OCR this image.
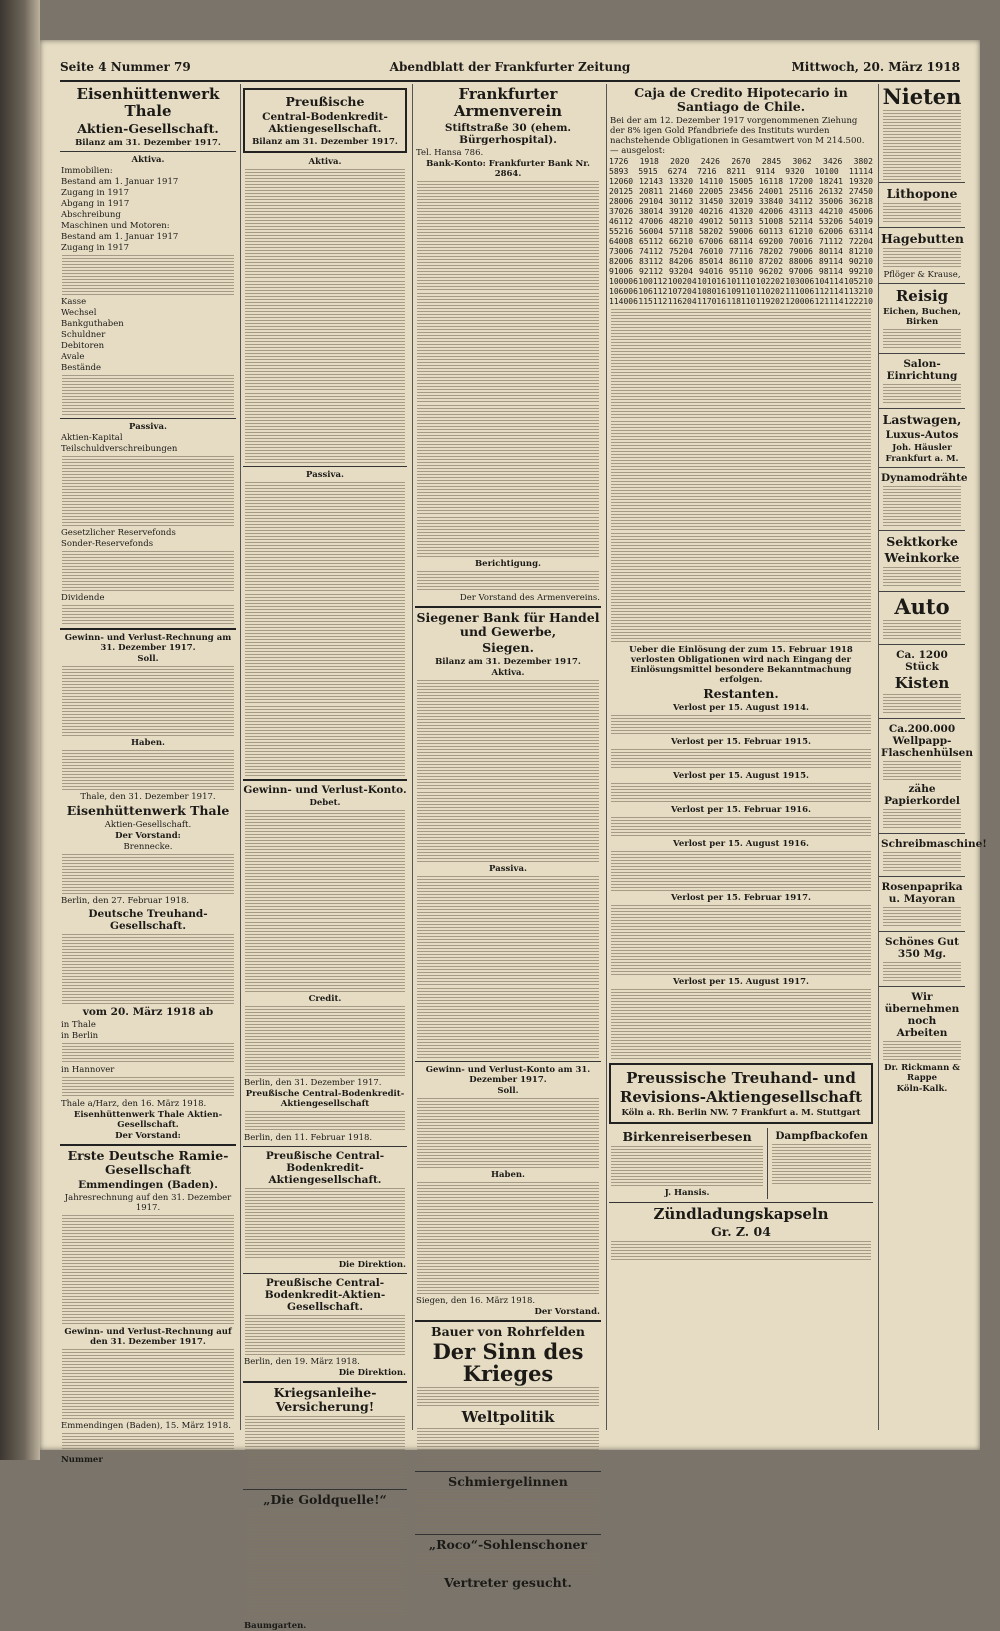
Seite 4 Nummer 79	Abendblatt der Frankfurter Zeitung	Mittwoch, 20. März 1918
Eisenhüttenwerk Thale
Aktien-Gesellschaft.
Bilanz am 31. Dezember 1917.
Aktiva.
Immobilien:
Bestand am 1. Januar 1917
Zugang in 1917
Abgang in 1917
Abschreibung
Maschinen und Motoren:
Bestand am 1. Januar 1917
Zugang in 1917
Kasse
Wechsel
Bankguthaben
Schuldner
Debitoren
Avale
Bestände
Passiva.
Aktien-Kapital
Teilschuldverschreibungen
Gesetzlicher Reservefonds
Sonder-Reservefonds
Dividende
Gewinn- und Verlust-Rechnung am 31. Dezember 1917.
Soll.
Haben.
Thale, den 31. Dezember 1917.
Eisenhüttenwerk Thale
Aktien-Gesellschaft.
Der Vorstand:
Brennecke.
Berlin, den 27. Februar 1918.
Deutsche Treuhand-Gesellschaft.
vom 20. März 1918 ab
in Thale
in Berlin
in Hannover
Thale a/Harz, den 16. März 1918.
Eisenhüttenwerk Thale Aktien-Gesellschaft.
Der Vorstand:
Erste Deutsche Ramie-Gesellschaft
Emmendingen (Baden).
Jahresrechnung auf den 31. Dezember 1917.
Gewinn- und Verlust-Rechnung auf den 31. Dezember 1917.
Emmendingen (Baden), 15. März 1918.
Nummer
Preußische
Central-Bodenkredit-Aktiengesellschaft.
Bilanz am 31. Dezember 1917.
Aktiva.
Passiva.
Gewinn- und Verlust-Konto.
Debet.
Credit.
Berlin, den 31. Dezember 1917.
Preußische Central-Bodenkredit-Aktiengesellschaft
Berlin, den 11. Februar 1918.
Preußische Central-Bodenkredit-Aktiengesellschaft.
Die Direktion.
Preußische Central-Bodenkredit-Aktien-Gesellschaft.
Berlin, den 19. März 1918.
Die Direktion.
Kriegsanleihe-Versicherung!
„Die Goldquelle!“
Baumgarten.
Frankfurter Armenverein
Stiftstraße 30 (ehem. Bürgerhospital).
Tel. Hansa 786.
Bank-Konto: Frankfurter Bank Nr. 2864.
Berichtigung.
Der Vorstand des Armenvereins.
Siegener Bank für Handel und Gewerbe,
Siegen.
Bilanz am 31. Dezember 1917.
Aktiva.
Passiva.
Gewinn- und Verlust-Konto am 31. Dezember 1917.
Soll.
Haben.
Siegen, den 16. März 1918.
Der Vorstand.
Bauer von Rohrfelden
Der Sinn des Krieges
Weltpolitik
Schmiergelinnen
„Roco“-Sohlenschoner
Vertreter gesucht.
Caja de Credito Hipotecario in Santiago de Chile.
Bei der am 12. Dezember 1917 vorgenommenen Ziehung der 8% igen Gold Pfandbriefe des Instituts wurden nachstehende Obligationen in Gesamtwert von M 214.500.— ausgelost:
1726 1918 2020 2426 2670 2845 3062 3426 3802
5893 5915 6274 7216 8211 9114 9320 10100 11114
12060 12143 13320 14110 15005 16118 17200 18241 19320
20125 20811 21460 22005 23456 24001 25116 26132 27450
28006 29104 30112 31450 32019 33840 34112 35006 36218
37026 38014 39120 40216 41320 42006 43113 44210 45006
46112 47006 48210 49012 50113 51008 52114 53206 54019
55216 56004 57118 58202 59006 60113 61210 62006 63114
64008 65112 66210 67006 68114 69200 70016 71112 72204
73006 74112 75204 76010 77116 78202 79006 80114 81210
82006 83112 84206 85014 86110 87202 88006 89114 90210
91006 92112 93204 94016 95110 96202 97006 98114 99210
100006 100112 100204 101016 101110 102202 103006 104114 105210
106006 106112 107204 108016 109110 110202 111006 112114 113210
114006 115112 116204 117016 118110 119202 120006 121114 122210
Ueber die Einlösung der zum 15. Februar 1918 verlosten Obligationen wird nach Eingang der Einlösungsmittel besondere Bekanntmachung erfolgen.
Restanten.
Verlost per 15. August 1914.
Verlost per 15. Februar 1915.
Verlost per 15. August 1915.
Verlost per 15. Februar 1916.
Verlost per 15. August 1916.
Verlost per 15. Februar 1917.
Verlost per 15. August 1917.
Preussische Treuhand- und
Revisions-Aktiengesellschaft
Köln a. Rh. Berlin NW. 7 Frankfurt a. M. Stuttgart
Birkenreiserbesen
J. Hansis.
Dampfbackofen
Zündladungskapseln
Gr. Z. 04
Nieten
Lithopone
Hagebutten
Pflöger & Krause,
Reisig
Eichen, Buchen, Birken
Salon-Einrichtung
Lastwagen,
Luxus-Autos
Joh. Häusler
Frankfurt a. M.
Dynamodrähte
Sektkorke
Weinkorke
Auto
Ca. 1200 Stück
Kisten
Ca.200.000 Wellpapp-Flaschenhülsen
zähe Papierkordel
Schreibmaschine!
Rosenpaprika u. Mayoran
Schönes Gut 350 Mg.
Wir übernehmen noch Arbeiten
Dr. Rickmann & Rappe
Köln-Kalk.
